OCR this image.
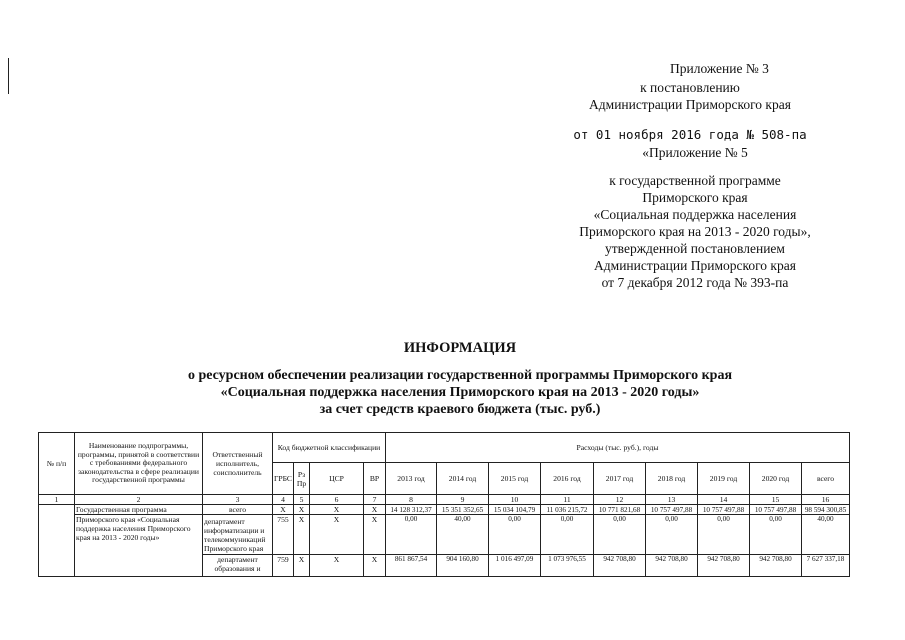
Приложение № 3
к постановлению
Администрации Приморского края
от 01 ноября 2016 года № 508-па
«Приложение № 5
к государственной программе
Приморского края
«Социальная поддержка населения
Приморского края на 2013 - 2020 годы»,
утвержденной постановлением
Администрации Приморского края
от 7 декабря 2012 года № 393-па
ИНФОРМАЦИЯ
о ресурсном обеспечении реализации государственной программы Приморского края
«Социальная поддержка населения Приморского края на 2013 - 2020 годы»
за счет средств краевого бюджета (тыс. руб.)
№ п/п	Наименование подпрограммы, программы, принятой в соответствии с требованиями федерального законодательства в сфере реализации государственной программы	Ответственный исполнитель, соисполнитель	Код бюджетной классификации				Расходы (тыс. руб.), годы								
			ГРБС	Рз Пр	ЦСР	ВР	2013 год	2014 год	2015 год	2016 год	2017 год	2018 год	2019 год	2020 год	всего
1	2	3	4	5	6	7	8	9	10	11	12	13	14	15	16
	Государственная программа	всего	X	X	X	X	14 128 312,37	15 351 352,65	15 034 104,79	11 036 215,72	10 771 821,68	10 757 497,88	10 757 497,88	10 757 497,88	98 594 300,85
	Приморского края «Социальная поддержка населения Приморского края на 2013 - 2020 годы»	департамент информатизации и телекоммуникаций Приморского края	755	X	X	X	0,00	40,00	0,00	0,00	0,00	0,00	0,00	0,00	40,00
		департамент образования и	759	X	X	X	861 867,54	904 160,80	1 016 497,09	1 073 976,55	942 708,80	942 708,80	942 708,80	942 708,80	7 627 337,18
